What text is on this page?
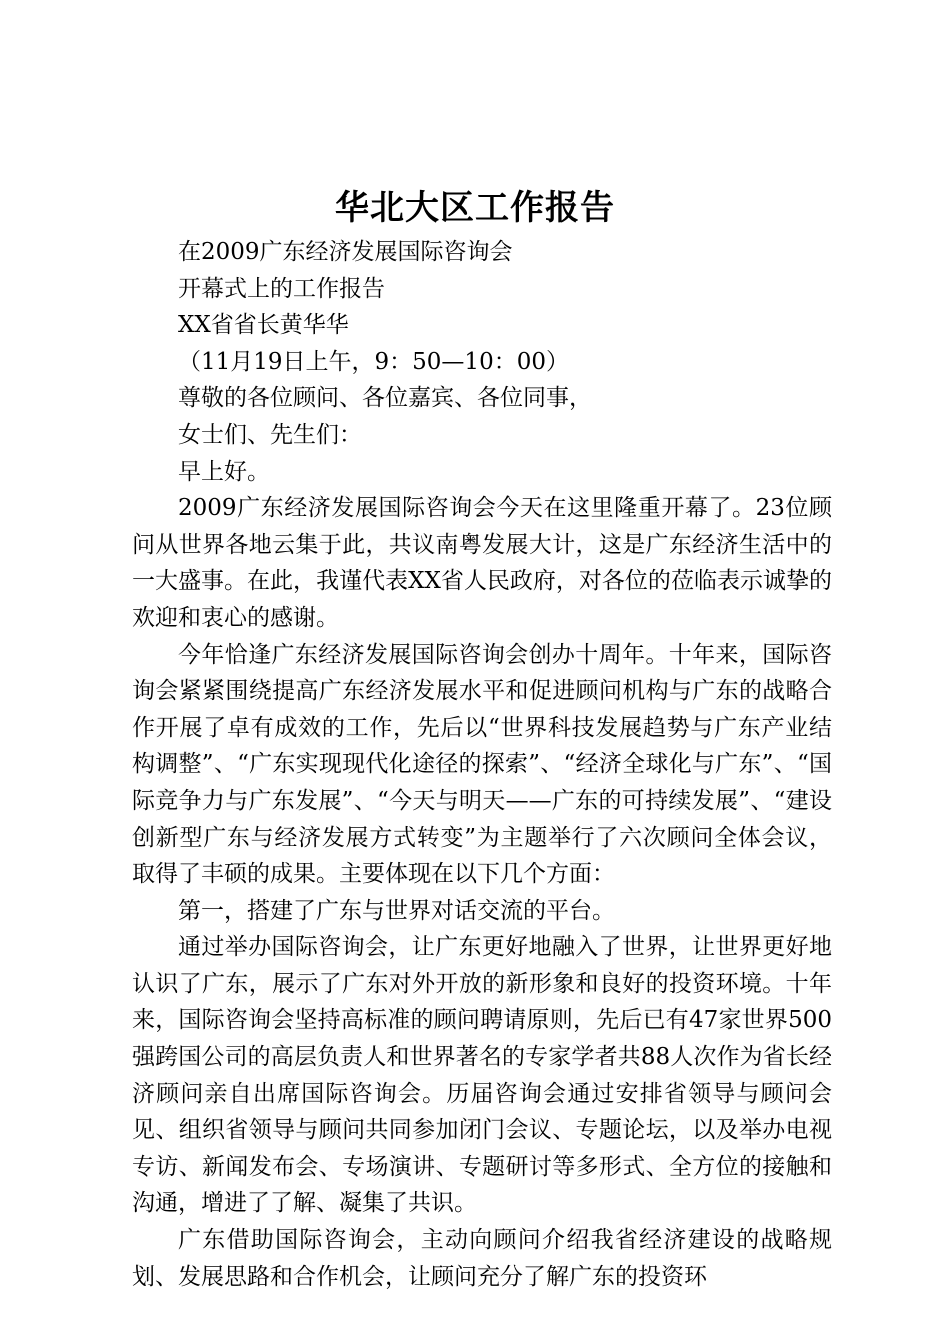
华北大区工作报告

在2009广东经济发展国际咨询会

开幕式上的工作报告

XX省省长黄华华

（11月19日上午，9：50—10：00）

尊敬的各位顾问、各位嘉宾、各位同事，

女士们、先生们：

早上好。

2009广东经济发展国际咨询会今天在这里隆重开幕了。23位顾问从世界各地云集于此，共议南粤发展大计，这是广东经济生活中的一大盛事。在此，我谨代表XX省人民政府，对各位的莅临表示诚挚的欢迎和衷心的感谢。

今年恰逢广东经济发展国际咨询会创办十周年。十年来，国际咨询会紧紧围绕提高广东经济发展水平和促进顾问机构与广东的战略合作开展了卓有成效的工作，先后以“世界科技发展趋势与广东产业结构调整”、“广东实现现代化途径的探索”、“经济全球化与广东”、“国际竞争力与广东发展”、“今天与明天——广东的可持续发展”、“建设创新型广东与经济发展方式转变”为主题举行了六次顾问全体会议，取得了丰硕的成果。主要体现在以下几个方面：

第一，搭建了广东与世界对话交流的平台。

通过举办国际咨询会，让广东更好地融入了世界，让世界更好地认识了广东，展示了广东对外开放的新形象和良好的投资环境。十年来，国际咨询会坚持高标准的顾问聘请原则，先后已有47家世界500强跨国公司的高层负责人和世界著名的专家学者共88人次作为省长经济顾问亲自出席国际咨询会。历届咨询会通过安排省领导与顾问会见、组织省领导与顾问共同参加闭门会议、专题论坛，以及举办电视专访、新闻发布会、专场演讲、专题研讨等多形式、全方位的接触和沟通，增进了了解、凝集了共识。

广东借助国际咨询会，主动向顾问介绍我省经济建设的战略规划、发展思路和合作机会，让顾问充分了解广东的投资环
